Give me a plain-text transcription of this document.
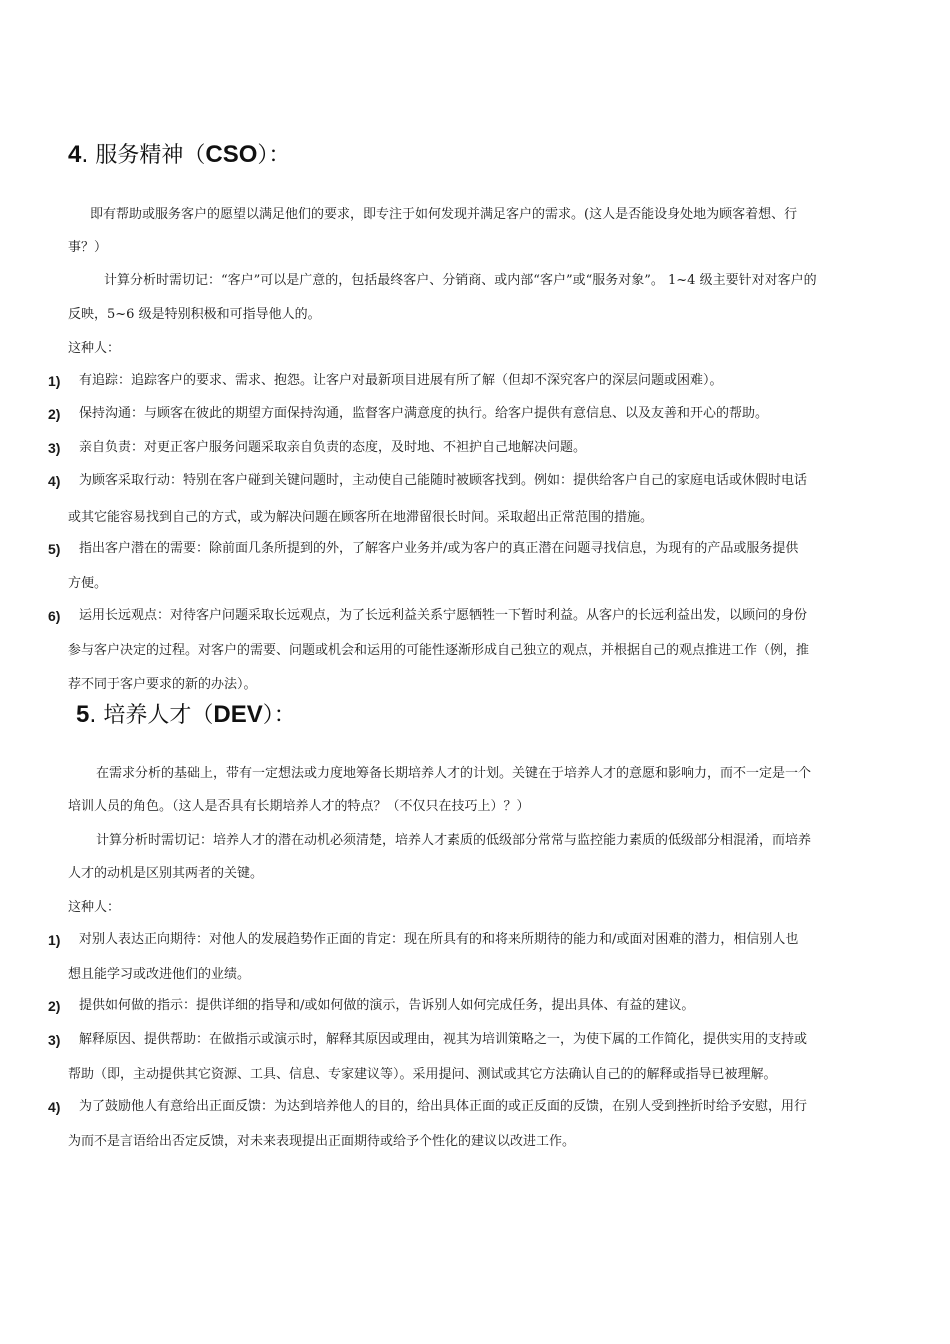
4. 服务精神（CSO）：
即有帮助或服务客户的愿望以满足他们的要求，即专注于如何发现并满足客户的需求。(这人是否能设身处地为顾客着想、行
事？）
计算分析时需切记：“客户”可以是广意的，包括最终客户、分销商、或内部“客户”或“服务对象”。 1~4 级主要针对对客户的
反映，5~6 级是特别积极和可指导他人的。
这种人：
1) 有追踪：追踪客户的要求、需求、抱怨。让客户对最新项目进展有所了解（但却不深究客户的深层问题或困难）。
2) 保持沟通：与顾客在彼此的期望方面保持沟通，监督客户满意度的执行。给客户提供有意信息、以及友善和开心的帮助。
3) 亲自负责：对更正客户服务问题采取亲自负责的态度，及时地、不袒护自己地解决问题。
4) 为顾客采取行动：特别在客户碰到关键问题时，主动使自己能随时被顾客找到。例如：提供给客户自己的家庭电话或休假时电话
或其它能容易找到自己的方式，或为解决问题在顾客所在地滞留很长时间。采取超出正常范围的措施。
5) 指出客户潜在的需要：除前面几条所提到的外，了解客户业务并/或为客户的真正潜在问题寻找信息，为现有的产品或服务提供
方便。
6) 运用长远观点：对待客户问题采取长远观点，为了长远利益关系宁愿牺牲一下暂时利益。从客户的长远利益出发，以顾问的身份
参与客户决定的过程。对客户的需要、问题或机会和运用的可能性逐渐形成自己独立的观点，并根据自己的观点推进工作（例，推
荐不同于客户要求的新的办法）。
5. 培养人才（DEV）：
在需求分析的基础上，带有一定想法或力度地筹备长期培养人才的计划。关键在于培养人才的意愿和影响力，而不一定是一个
培训人员的角色。（这人是否具有长期培养人才的特点？（不仅只在技巧上）？）
计算分析时需切记：培养人才的潜在动机必须清楚，培养人才素质的低级部分常常与监控能力素质的低级部分相混淆，而培养
人才的动机是区别其两者的关键。
这种人：
1) 对别人表达正向期待：对他人的发展趋势作正面的肯定：现在所具有的和将来所期待的能力和/或面对困难的潜力，相信别人也
想且能学习或改进他们的业绩。
2) 提供如何做的指示：提供详细的指导和/或如何做的演示，告诉别人如何完成任务，提出具体、有益的建议。
3) 解释原因、提供帮助：在做指示或演示时，解释其原因或理由，视其为培训策略之一，为使下属的工作简化，提供实用的支持或
帮助（即，主动提供其它资源、工具、信息、专家建议等）。采用提问、测试或其它方法确认自己的的解释或指导已被理解。
4) 为了鼓励他人有意给出正面反馈：为达到培养他人的目的，给出具体正面的或正反面的反馈，在别人受到挫折时给予安慰，用行
为而不是言语给出否定反馈，对未来表现提出正面期待或给予个性化的建议以改进工作。
